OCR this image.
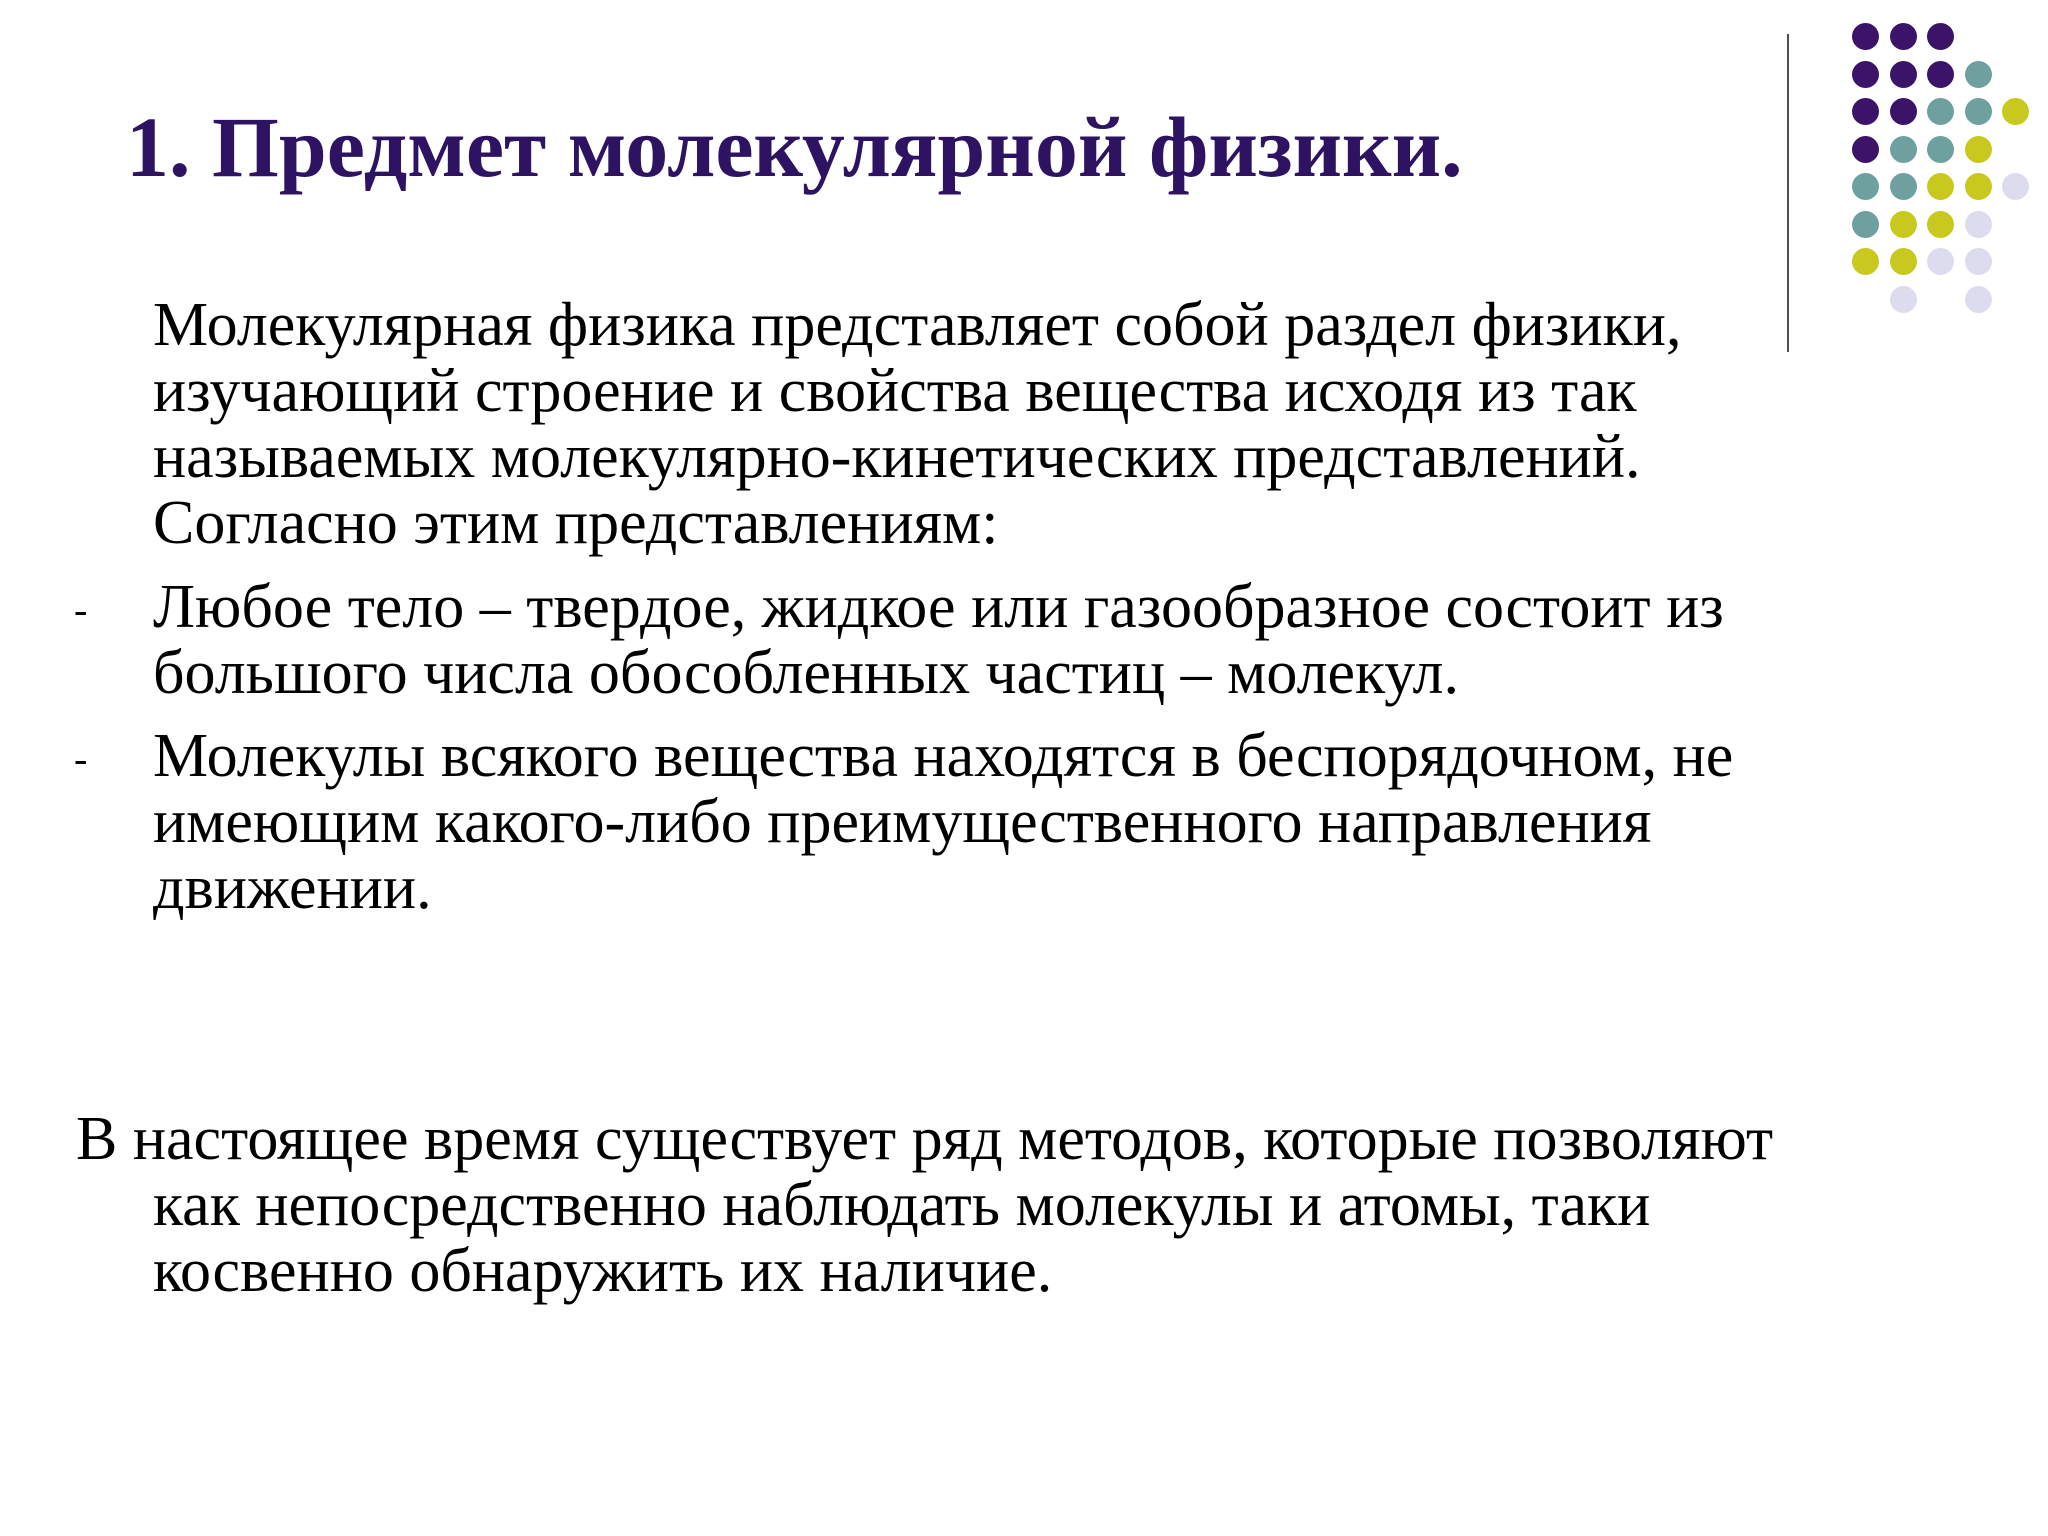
1. Предмет молекулярной физики.

Молекулярная физика представляет собой раздел физики,
изучающий строение и свойства вещества исходя из так
называемых молекулярно-кинетических представлений.
Согласно этим представлениям:

- Любое тело – твердое, жидкое или газообразное состоит из
большого числа обособленных частиц – молекул.

- Молекулы всякого вещества находятся в беспорядочном, не
имеющим какого-либо преимущественного направления
движении.

В настоящее время существует ряд методов, которые позволяют

как непосредственно наблюдать молекулы и атомы, таки
косвенно обнаружить их наличие.
